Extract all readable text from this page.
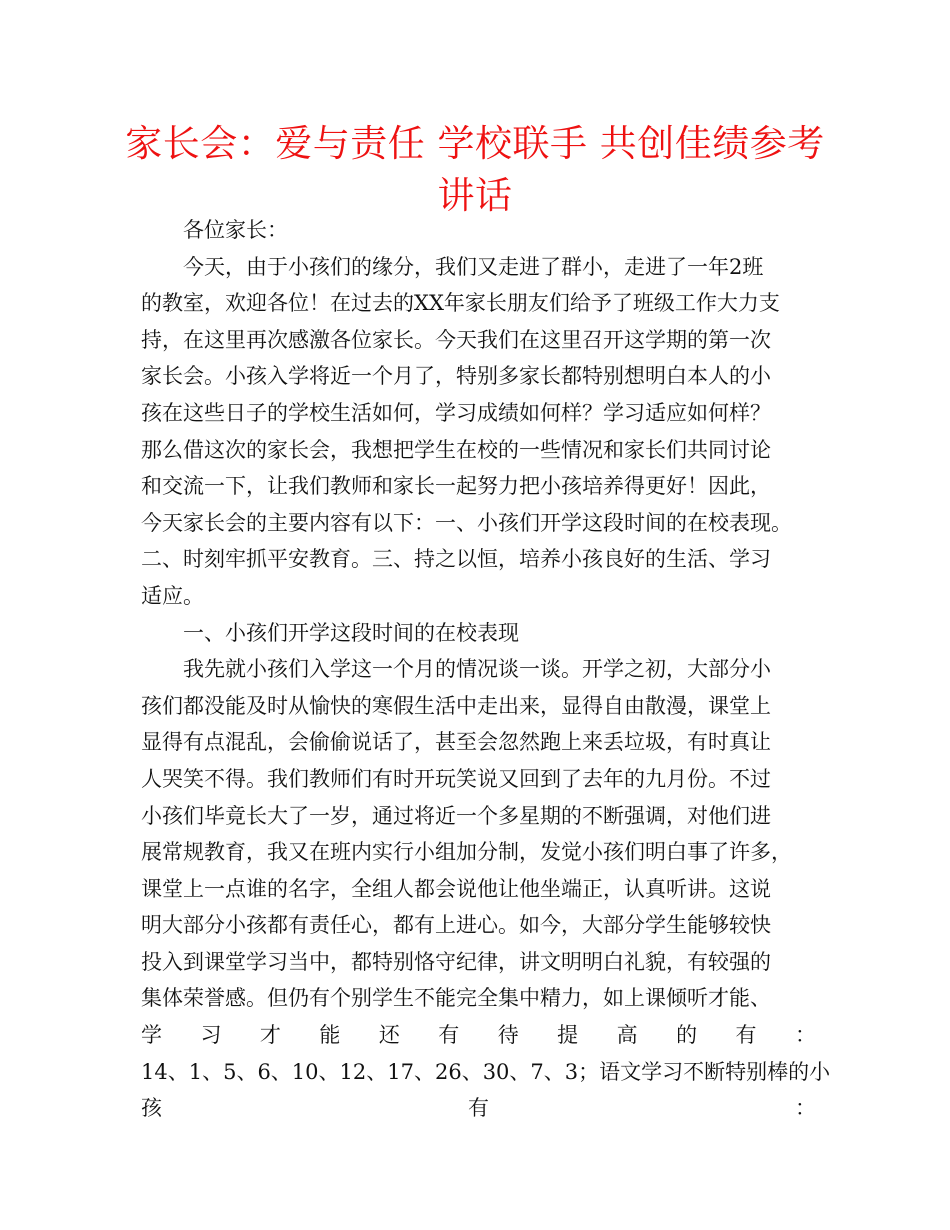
家长会：爱与责任 学校联手 共创佳绩参考
讲话
各位家长：
今天，由于小孩们的缘分，我们又走进了群小，走进了一年2班
的教室，欢迎各位！在过去的XX年家长朋友们给予了班级工作大力支
持，在这里再次感激各位家长。今天我们在这里召开这学期的第一次
家长会。小孩入学将近一个月了，特别多家长都特别想明白本人的小
孩在这些日子的学校生活如何，学习成绩如何样？学习适应如何样？
那么借这次的家长会，我想把学生在校的一些情况和家长们共同讨论
和交流一下，让我们教师和家长一起努力把小孩培养得更好！因此，
今天家长会的主要内容有以下：一、小孩们开学这段时间的在校表现。
二、时刻牢抓平安教育。三、持之以恒，培养小孩良好的生活、学习
适应。
一、小孩们开学这段时间的在校表现
我先就小孩们入学这一个月的情况谈一谈。开学之初，大部分小
孩们都没能及时从愉快的寒假生活中走出来，显得自由散漫，课堂上
显得有点混乱，会偷偷说话了，甚至会忽然跑上来丢垃圾，有时真让
人哭笑不得。我们教师们有时开玩笑说又回到了去年的九月份。不过
小孩们毕竟长大了一岁，通过将近一个多星期的不断强调，对他们进
展常规教育，我又在班内实行小组加分制，发觉小孩们明白事了许多，
课堂上一点谁的名字，全组人都会说他让他坐端正，认真听讲。这说
明大部分小孩都有责任心，都有上进心。如今，大部分学生能够较快
投入到课堂学习当中，都特别恪守纪律，讲文明明白礼貌，有较强的
集体荣誉感。但仍有个别学生不能完全集中精力，如上课倾听才能、
学 习 才 能 还 有 待 提 高 的 有 ：
14、1、5、6、10、12、17、26、30、7、3；语文学习不断特别棒的小
孩	有	：
